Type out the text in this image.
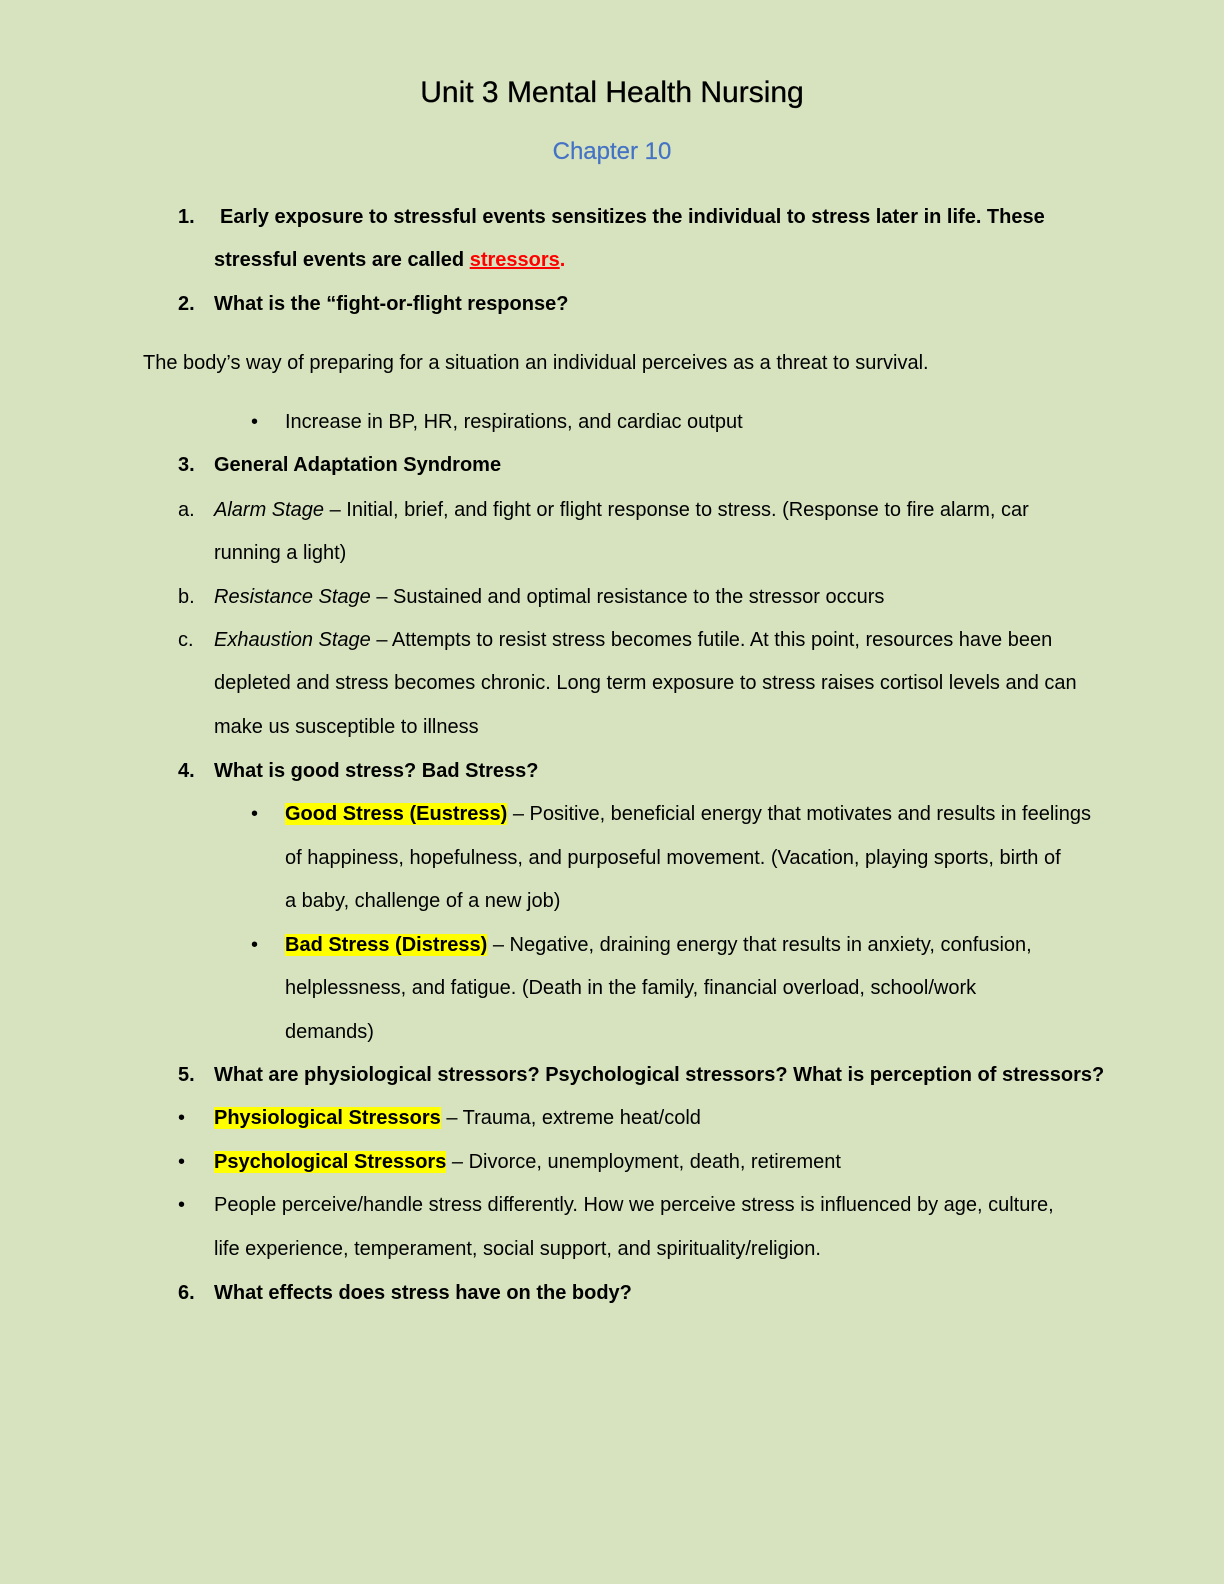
Unit 3 Mental Health Nursing
Chapter 10
1. Early exposure to stressful events sensitizes the individual to stress later in life. These
stressful events are called stressors.
2. What is the “fight-or-flight response?
The body’s way of preparing for a situation an individual perceives as a threat to survival.
• Increase in BP, HR, respirations, and cardiac output
3. General Adaptation Syndrome
a. Alarm Stage – Initial, brief, and fight or flight response to stress. (Response to fire alarm, car
running a light)
b. Resistance Stage – Sustained and optimal resistance to the stressor occurs
c. Exhaustion Stage – Attempts to resist stress becomes futile. At this point, resources have been
depleted and stress becomes chronic. Long term exposure to stress raises cortisol levels and can
make us susceptible to illness
4. What is good stress? Bad Stress?
• Good Stress (Eustress) – Positive, beneficial energy that motivates and results in feelings
of happiness, hopefulness, and purposeful movement. (Vacation, playing sports, birth of
a baby, challenge of a new job)
• Bad Stress (Distress) – Negative, draining energy that results in anxiety, confusion,
helplessness, and fatigue. (Death in the family, financial overload, school/work
demands)
5. What are physiological stressors? Psychological stressors? What is perception of stressors?
• Physiological Stressors – Trauma, extreme heat/cold
• Psychological Stressors – Divorce, unemployment, death, retirement
• People perceive/handle stress differently. How we perceive stress is influenced by age, culture,
life experience, temperament, social support, and spirituality/religion.
6. What effects does stress have on the body?
